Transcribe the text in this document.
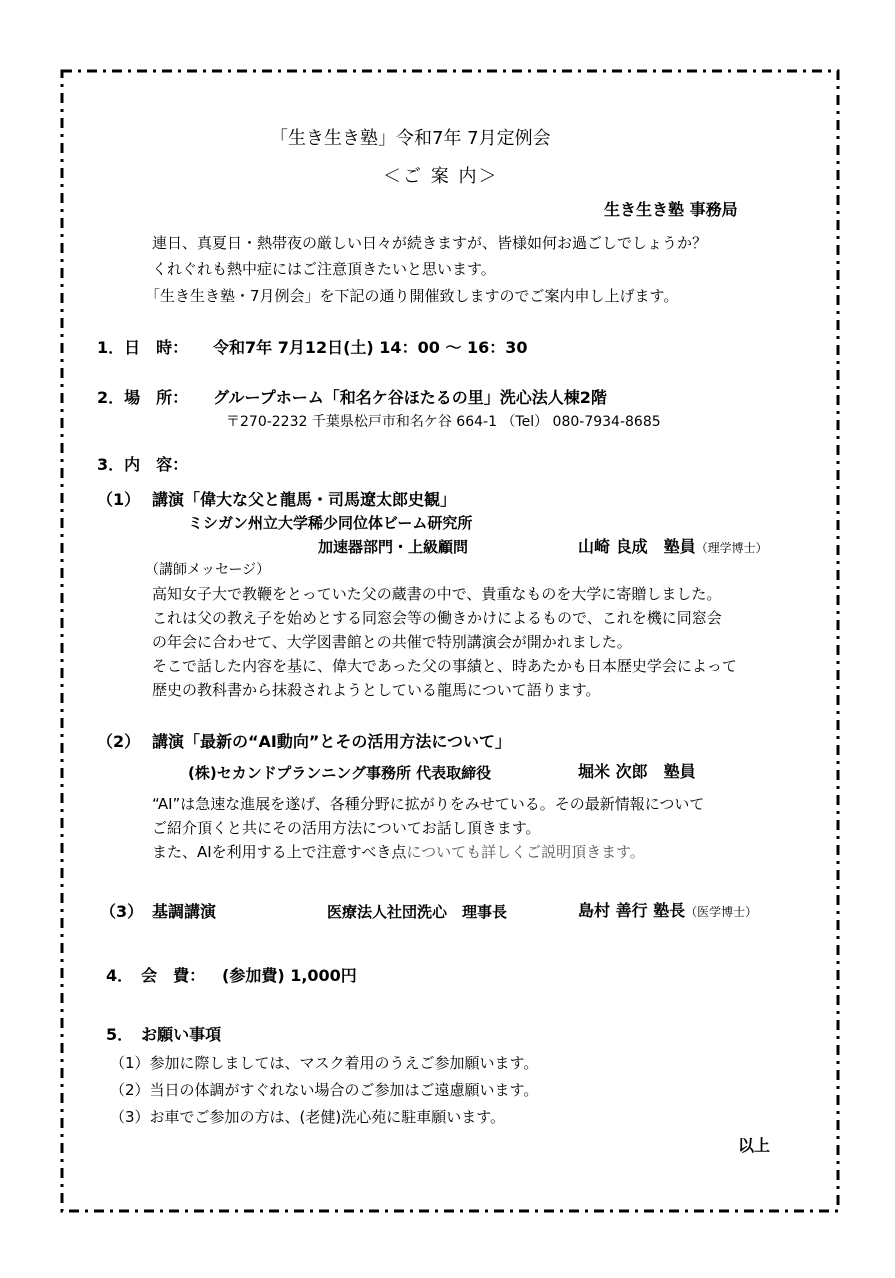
「生き生き塾」令和7年 7月定例会
＜ご 案 内＞
生き生き塾 事務局
連日、真夏日・熱帯夜の厳しい日々が続きますが、皆様如何お過ごしでしょうか？
くれぐれも熱中症にはご注意頂きたいと思います。
「生き生き塾・7月例会」を下記の通り開催致しますのでご案内申し上げます。
1．日　時： 令和7年 7月12日(土) 14：00 ～ 16：30
2．場　所： グループホーム「和名ケ谷ほたるの里」洗心法人棟2階
〒270-2232 千葉県松戸市和名ケ谷 664-1 （Tel） 080-7934-8685
3．内　容：
（1） 講演「偉大な父と龍馬・司馬遼太郎史観」
ミシガン州立大学稀少同位体ビーム研究所
加速器部門・上級顧問	山崎 良成　塾員（理学博士）
（講師メッセージ）
高知女子大で教鞭をとっていた父の蔵書の中で、貴重なものを大学に寄贈しました。
これは父の教え子を始めとする同窓会等の働きかけによるもので、これを機に同窓会
の年会に合わせて、大学図書館との共催で特別講演会が開かれました。
そこで話した内容を基に、偉大であった父の事績と、時あたかも日本歴史学会によって
歴史の教科書から抹殺されようとしている龍馬について語ります。
（2） 講演「最新の“AI動向”とその活用方法について」
(株)セカンドプランニング事務所 代表取締役	堀米 次郎　塾員
“AI”は急速な進展を遂げ、各種分野に拡がりをみせている。その最新情報について
ご紹介頂くと共にその活用方法についてお話し頂きます。
また、AIを利用する上で注意すべき点についても詳しくご説明頂きます。
（3） 基調講演	医療法人社団洗心　理事長	島村 善行 塾長（医学博士）
4．　会　費： (参加費) 1,000円
5．　お願い事項
（1）参加に際しましては、マスク着用のうえご参加願います。
（2）当日の体調がすぐれない場合のご参加はご遠慮願います。
（3）お車でご参加の方は、(老健)洗心苑に駐車願います。
以上
